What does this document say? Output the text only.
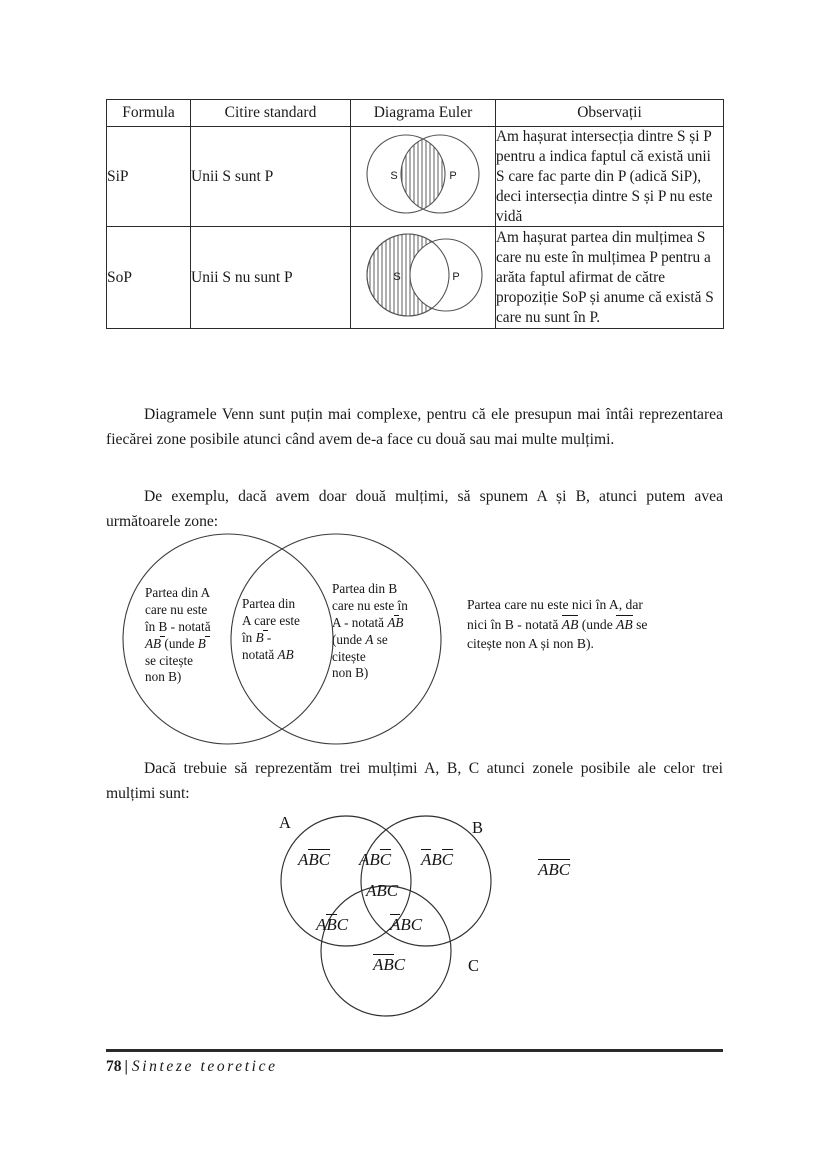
Formula	Citire standard	Diagrama Euler	Observații
SiP	Unii S sunt P	S P	Am hașurat intersecția dintre S și P pentru a indica faptul că există unii S care fac parte din P (adică SiP), deci intersecția dintre S și P nu este vidă
SoP	Unii S nu sunt P	S P	Am hașurat partea din mulțimea S care nu este în mulțimea P pentru a arăta faptul afirmat de către propoziție SoP și anume că există S care nu sunt în P.

Diagramele Venn sunt puțin mai complexe, pentru că ele presupun mai întâi reprezentarea fiecărei zone posibile atunci când avem de-a face cu două sau mai multe mulțimi.

De exemplu, dacă avem doar două mulțimi, să spunem A și B, atunci putem avea următoarele zone:

Partea din A
care nu este
în B - notată
AB (unde B
se citește
non B)
Partea din
A care este
în B -
notată AB
Partea din B
care nu este în
A - notată AB
(unde A se
citește
non B)
Partea care nu este nici în A, dar
nici în B - notată AB (unde AB se
citește non A și non B).

Dacă trebuie să reprezentăm trei mulțimi A, B, C atunci zonele posibile ale celor trei mulțimi sunt:

A	B
C
ABC ABC ABC
ABC
ABC ABC
ABC
ABC
78 | Sinteze teoretice
